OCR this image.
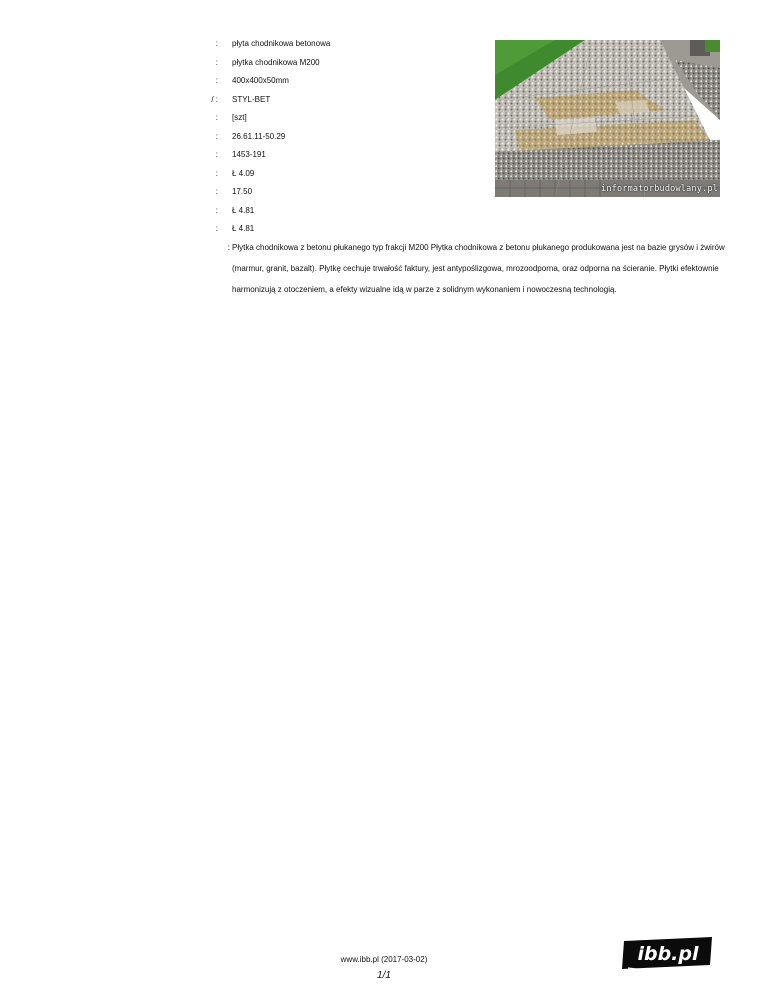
: płyta chodnikowa betonowa
: płytka chodnikowa M200
: 400x400x50mm
/ : STYL-BET
: [szt]
: 26.61.11-50.29
: 1453-191
: Ł 4.09
: 17.50
: Ł 4.81
: Ł 4.81
: Płytka chodnikowa z betonu płukanego typ frakcji M200 Płytka chodnikowa z betonu płukanego produkowana jest na bazie grysów i żwirów (marmur, granit, bazalt). Płytkę cechuje trwałość faktury, jest antypoślizgowa, mrozoodporna, oraz odporna na ścieranie. Płytki efektownie harmonizują z otoczeniem, a efekty wizualne idą w parze z solidnym wykonaniem i nowoczesną technologią.
informatorbudowlany.pl
www.ibb.pl (2017-03-02)
1/1
ibb.pl
